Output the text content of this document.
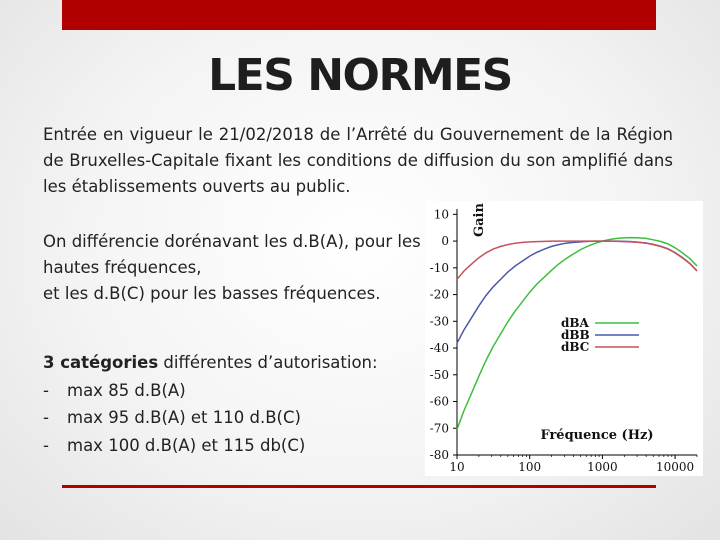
LES NORMES

Entrée en vigueur le 21/02/2018 de l’Arrêté du Gouvernement de la Région de Bruxelles-Capitale fixant les conditions de diffusion du son amplifié dans les établissements ouverts au public.

On différencie dorénavant les d.B(A), pour les hautes fréquences,

et les d.B(C) pour les basses fréquences.

3 catégories différentes d’autorisation:

- max 85 d.B(A)
- max 95 d.B(A) et 110 d.B(C)
- max 100 d.B(A) et 115 db(C)
10
0
-10
-20
-30
-40
-50
-60
-70
-80
10	100	1000	10000
Gain
Fréquence (Hz)
dBA
dBB
dBC
